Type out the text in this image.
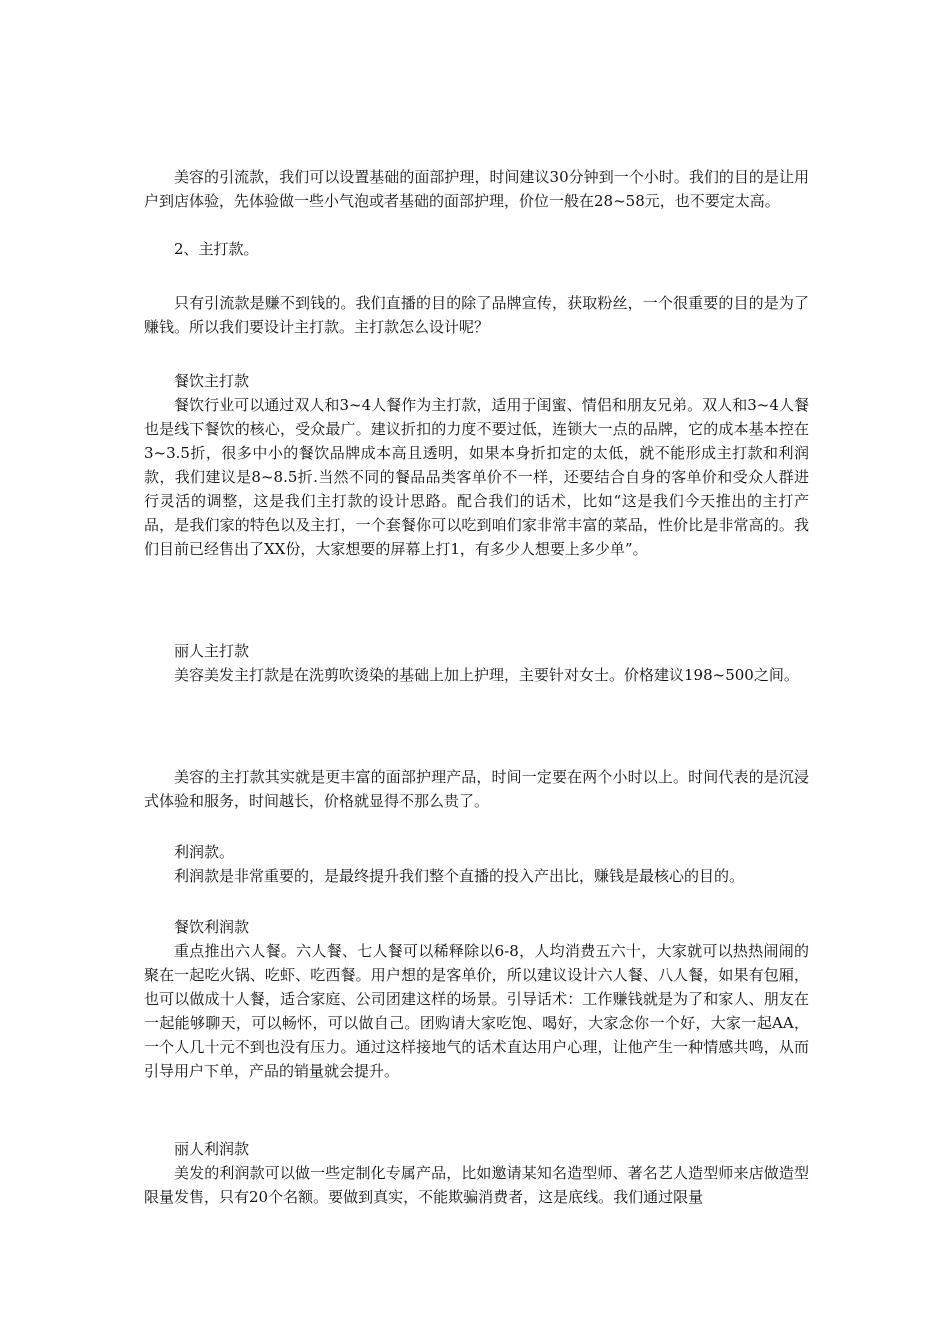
美容的引流款，我们可以设置基础的面部护理，时间建议30分钟到一个小时。我们的目的是让用户到店体验，先体验做一些小气泡或者基础的面部护理，价位一般在28~58元，也不要定太高。

2、主打款。

只有引流款是赚不到钱的。我们直播的目的除了品牌宣传，获取粉丝，一个很重要的目的是为了赚钱。所以我们要设计主打款。主打款怎么设计呢？

餐饮主打款

餐饮行业可以通过双人和3~4人餐作为主打款，适用于闺蜜、情侣和朋友兄弟。双人和3~4人餐也是线下餐饮的核心，受众最广。建议折扣的力度不要过低，连锁大一点的品牌，它的成本基本控在3~3.5折，很多中小的餐饮品牌成本高且透明，如果本身折扣定的太低，就不能形成主打款和利润款，我们建议是8~8.5折.当然不同的餐品品类客单价不一样，还要结合自身的客单价和受众人群进行灵活的调整，这是我们主打款的设计思路。配合我们的话术，比如“这是我们今天推出的主打产品，是我们家的特色以及主打，一个套餐你可以吃到咱们家非常丰富的菜品，性价比是非常高的。我们目前已经售出了XX份，大家想要的屏幕上打1，有多少人想要上多少单”。

丽人主打款

美容美发主打款是在洗剪吹烫染的基础上加上护理，主要针对女士。价格建议198~500之间。

美容的主打款其实就是更丰富的面部护理产品，时间一定要在两个小时以上。时间代表的是沉浸式体验和服务，时间越长，价格就显得不那么贵了。

利润款。

利润款是非常重要的，是最终提升我们整个直播的投入产出比，赚钱是最核心的目的。

餐饮利润款

重点推出六人餐。六人餐、七人餐可以稀释除以6-8，人均消费五六十，大家就可以热热闹闹的聚在一起吃火锅、吃虾、吃西餐。用户想的是客单价，所以建议设计六人餐、八人餐，如果有包厢，也可以做成十人餐，适合家庭、公司团建这样的场景。引导话术：工作赚钱就是为了和家人、朋友在一起能够聊天，可以畅怀，可以做自己。团购请大家吃饱、喝好，大家念你一个好，大家一起AA，一个人几十元不到也没有压力。通过这样接地气的话术直达用户心理，让他产生一种情感共鸣，从而引导用户下单，产品的销量就会提升。

丽人利润款

美发的利润款可以做一些定制化专属产品，比如邀请某知名造型师、著名艺人造型师来店做造型限量发售，只有20个名额。要做到真实，不能欺骗消费者，这是底线。我们通过限量
